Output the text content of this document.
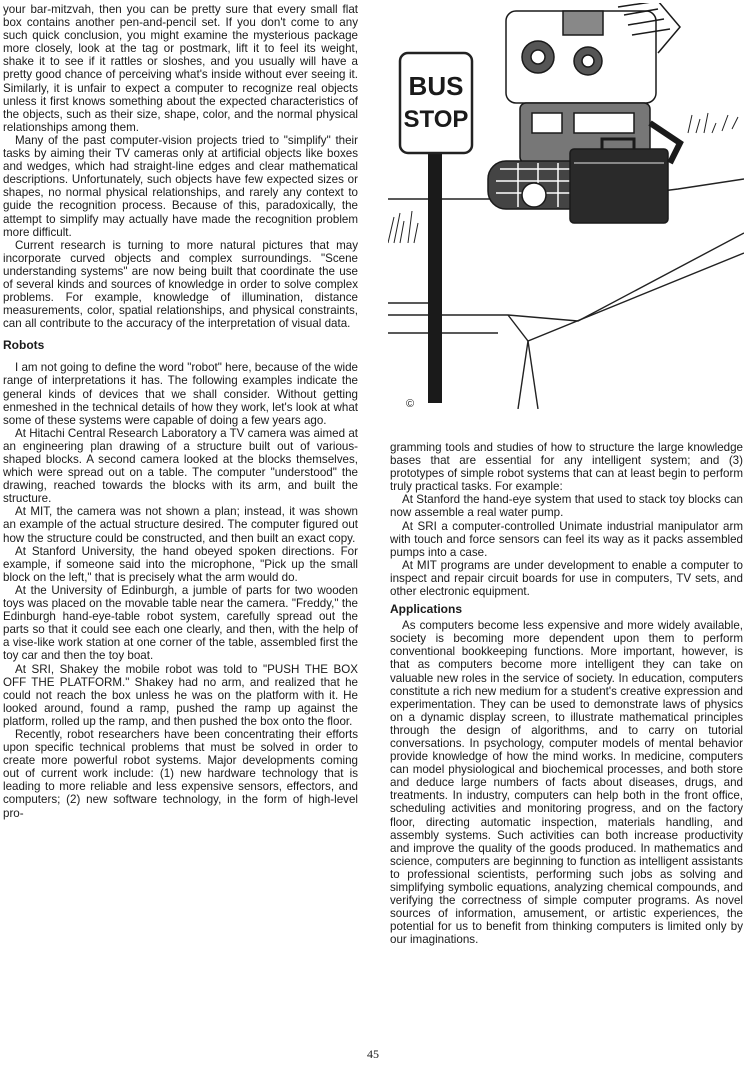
your bar-mitzvah, then you can be pretty sure that every small flat box contains another pen-and-pencil set. If you don't come to any such quick conclusion, you might examine the mysterious package more closely, look at the tag or postmark, lift it to feel its weight, shake it to see if it rattles or sloshes, and you usually will have a pretty good chance of perceiving what's inside without ever seeing it. Similarly, it is unfair to expect a computer to recognize real objects unless it first knows something about the expected characteristics of the objects, such as their size, shape, color, and the normal physical relationships among them.

Many of the past computer-vision projects tried to "simplify" their tasks by aiming their TV cameras only at artificial objects like boxes and wedges, which had straight-line edges and clear mathematical descriptions. Unfortunately, such objects have few expected sizes or shapes, no normal physical relationships, and rarely any context to guide the recognition process. Because of this, paradoxically, the attempt to simplify may actually have made the recognition problem more difficult.

Current research is turning to more natural pictures that may incorporate curved objects and complex surroundings. "Scene understanding systems" are now being built that coordinate the use of several kinds and sources of knowledge in order to solve complex problems. For example, knowledge of illumination, distance measurements, color, spatial relationships, and physical constraints, can all contribute to the accuracy of the interpretation of visual data.

Robots

I am not going to define the word "robot" here, because of the wide range of interpretations it has. The following examples indicate the general kinds of devices that we shall consider. Without getting enmeshed in the technical details of how they work, let's look at what some of these systems were capable of doing a few years ago.

At Hitachi Central Research Laboratory a TV camera was aimed at an engineering plan drawing of a structure built out of various-shaped blocks. A second camera looked at the blocks themselves, which were spread out on a table. The computer "understood" the drawing, reached towards the blocks with its arm, and built the structure.

At MIT, the camera was not shown a plan; instead, it was shown an example of the actual structure desired. The computer figured out how the structure could be constructed, and then built an exact copy.

At Stanford University, the hand obeyed spoken directions. For example, if someone said into the microphone, "Pick up the small block on the left," that is precisely what the arm would do.

At the University of Edinburgh, a jumble of parts for two wooden toys was placed on the movable table near the camera. "Freddy," the Edinburgh hand-eye-table robot system, carefully spread out the parts so that it could see each one clearly, and then, with the help of a vise-like work station at one corner of the table, assembled first the toy car and then the toy boat.

At SRI, Shakey the mobile robot was told to "PUSH THE BOX OFF THE PLATFORM." Shakey had no arm, and realized that he could not reach the box unless he was on the platform with it. He looked around, found a ramp, pushed the ramp up against the platform, rolled up the ramp, and then pushed the box onto the floor.

Recently, robot researchers have been concentrating their efforts upon specific technical problems that must be solved in order to create more powerful robot systems. Major developments coming out of current work include: (1) new hardware technology that is leading to more reliable and less expensive sensors, effectors, and computers; (2) new software technology, in the form of high-level pro-

BUS
STOP
©

gramming tools and studies of how to structure the large knowledge bases that are essential for any intelligent system; and (3) prototypes of simple robot systems that can at least begin to perform truly practical tasks. For example:

At Stanford the hand-eye system that used to stack toy blocks can now assemble a real water pump.

At SRI a computer-controlled Unimate industrial manipulator arm with touch and force sensors can feel its way as it packs assembled pumps into a case.

At MIT programs are under development to enable a computer to inspect and repair circuit boards for use in computers, TV sets, and other electronic equipment.

Applications

As computers become less expensive and more widely available, society is becoming more dependent upon them to perform conventional bookkeeping functions. More important, however, is that as computers become more intelligent they can take on valuable new roles in the service of society. In education, computers constitute a rich new medium for a student's creative expression and experimentation. They can be used to demonstrate laws of physics on a dynamic display screen, to illustrate mathematical principles through the design of algorithms, and to carry on tutorial conversations. In psychology, computer models of mental behavior provide knowledge of how the mind works. In medicine, computers can model physiological and biochemical processes, and both store and deduce large numbers of facts about diseases, drugs, and treatments. In industry, computers can help both in the front office, scheduling activities and monitoring progress, and on the factory floor, directing automatic inspection, materials handling, and assembly systems. Such activities can both increase productivity and improve the quality of the goods produced. In mathematics and science, computers are beginning to function as intelligent assistants to professional scientists, performing such jobs as solving and simplifying symbolic equations, analyzing chemical compounds, and verifying the correctness of simple computer programs. As novel sources of information, amusement, or artistic experiences, the potential for us to benefit from thinking computers is limited only by our imaginations.

45
